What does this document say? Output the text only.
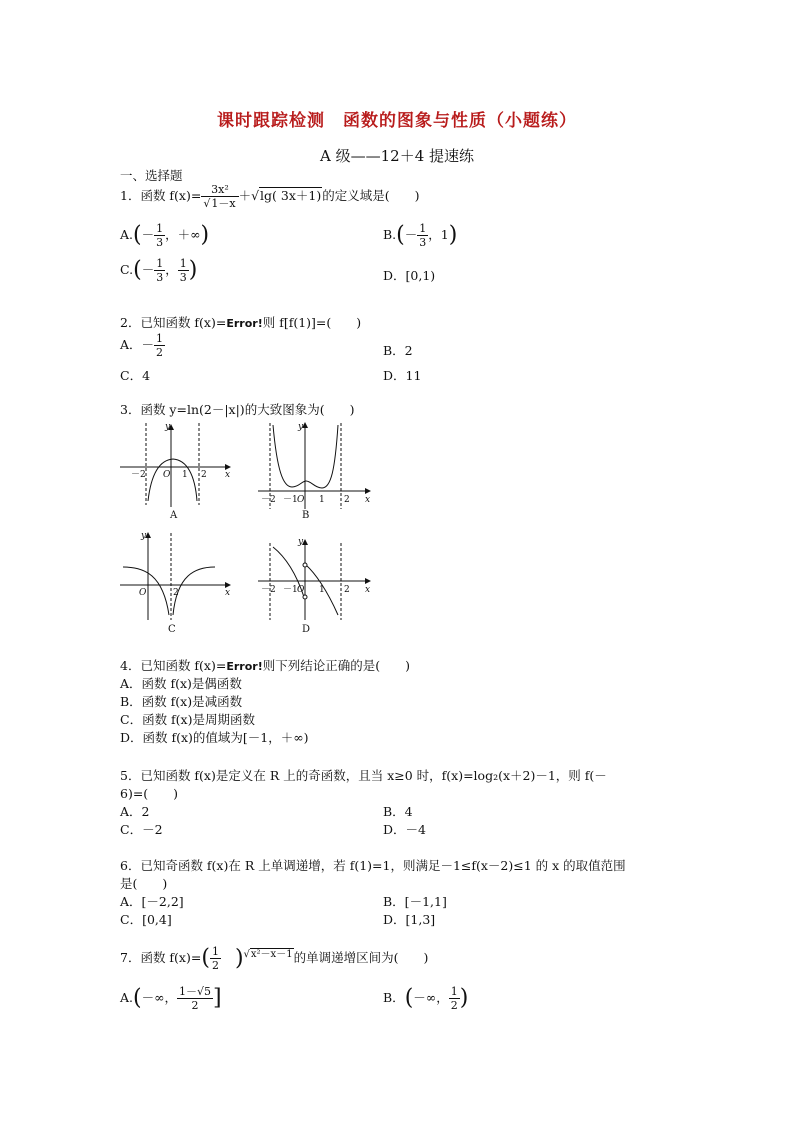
课时跟踪检测　函数的图象与性质（小题练）
A 级——12＋4 提速练
一、选择题
1．函数 $f(x)= \frac{\text{3x²}}{√1-x} +√\lg$( 3x＋1)的定义域是(　　)
$A.(- \frac{1}{3}$ ，＋∞)	$B.(- \frac{1}{3}$ ，1)
$C.(- \frac{1}{3}$ ， $\frac{1}{3}$ )	D．[0,1)
2．已知函数 f(x)=Error!则 f[f(1)]=(　　)
A．－ $\frac{1}{2}$	B．2
C．4	D．11
3．函数 y=ln(2－|x|)的大致图象为(　　)
－2 O 1 2 x
y
A
－2 －1 O 1 2 x
y
B
O	2	x
y
C
－2 －1 O 1 2 x
y
D
4．已知函数 f(x)=Error!则下列结论正确的是(　　)
A．函数 f(x)是偶函数
B．函数 f(x)是减函数
C．函数 f(x)是周期函数
D．函数 f(x)的值域为[－1，＋∞)
5．已知函数 f(x)是定义在 R 上的奇函数，且当 x≥0 时，f(x)=log₂(x＋2)－1，则 f(－
6)=(　　)
A．2	B．4
C．－2	D．－4
6．已知奇函数 f(x)在 R 上单调递增，若 f(1)=1，则满足－1≤f(x－2)≤1 的 x 的取值范围
是(　　)
A．[－2,2]	B．[－1,1]
C．[0,4]	D．[1,3]
7．函数 $f(x)=( \frac{1}{2} )^{√x^2-x-1}$的单调递增区间为(　　)
A.(－∞， $\frac{1-√5}{2}$ ]	B．(－∞， $\frac{1}{2}$ )
